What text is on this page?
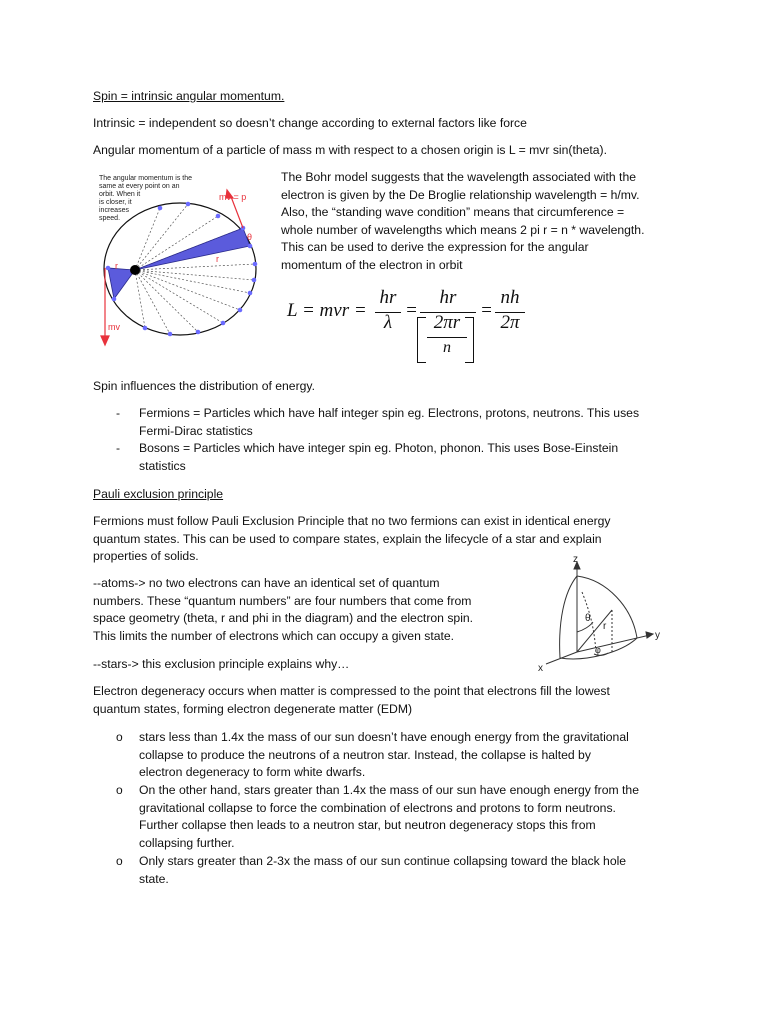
Spin = intrinsic angular momentum.
Intrinsic = independent so doesn’t change according to external factors like force
Angular momentum of a particle of mass m with respect to a chosen origin is L = mvr sin(theta).
The angular momentum is the
same at every point on an
orbit. When it
is closer, it
increases
speed.
mv = p
θ
r
r
mv
The Bohr model suggests that the wavelength associated with the
electron is given by the De Broglie relationship wavelength = h/mv.
Also, the “standing wave condition” means that circumference =
whole number of wavelengths which means 2 pi r = n * wavelength.
This can be used to derive the expression for the angular
momentum of the electron in orbit
L = mvr =
hr
λ
=
hr
2πr
n
=
nh
2π
Spin influences the distribution of energy.
- Fermions = Particles which have half integer spin eg. Electrons, protons, neutrons. This uses
Fermi-Dirac statistics
- Bosons = Particles which have integer spin eg. Photon, phonon. This uses Bose-Einstein
statistics
Pauli exclusion principle
Fermions must follow Pauli Exclusion Principle that no two fermions can exist in identical energy
quantum states. This can be used to compare states, explain the lifecycle of a star and explain
properties of solids.
--atoms-> no two electrons can have an identical set of quantum
numbers. These “quantum numbers” are four numbers that come from
space geometry (theta, r and phi in the diagram) and the electron spin.
This limits the number of electrons which can occupy a given state.
z
y
x
θ
r
φ
--stars-> this exclusion principle explains why…
Electron degeneracy occurs when matter is compressed to the point that electrons fill the lowest
quantum states, forming electron degenerate matter (EDM)
o stars less than 1.4x the mass of our sun doesn’t have enough energy from the gravitational
collapse to produce the neutrons of a neutron star. Instead, the collapse is halted by
electron degeneracy to form white dwarfs.
o On the other hand, stars greater than 1.4x the mass of our sun have enough energy from the
gravitational collapse to force the combination of electrons and protons to form neutrons.
Further collapse then leads to a neutron star, but neutron degeneracy stops this from
collapsing further.
o Only stars greater than 2-3x the mass of our sun continue collapsing toward the black hole
state.
